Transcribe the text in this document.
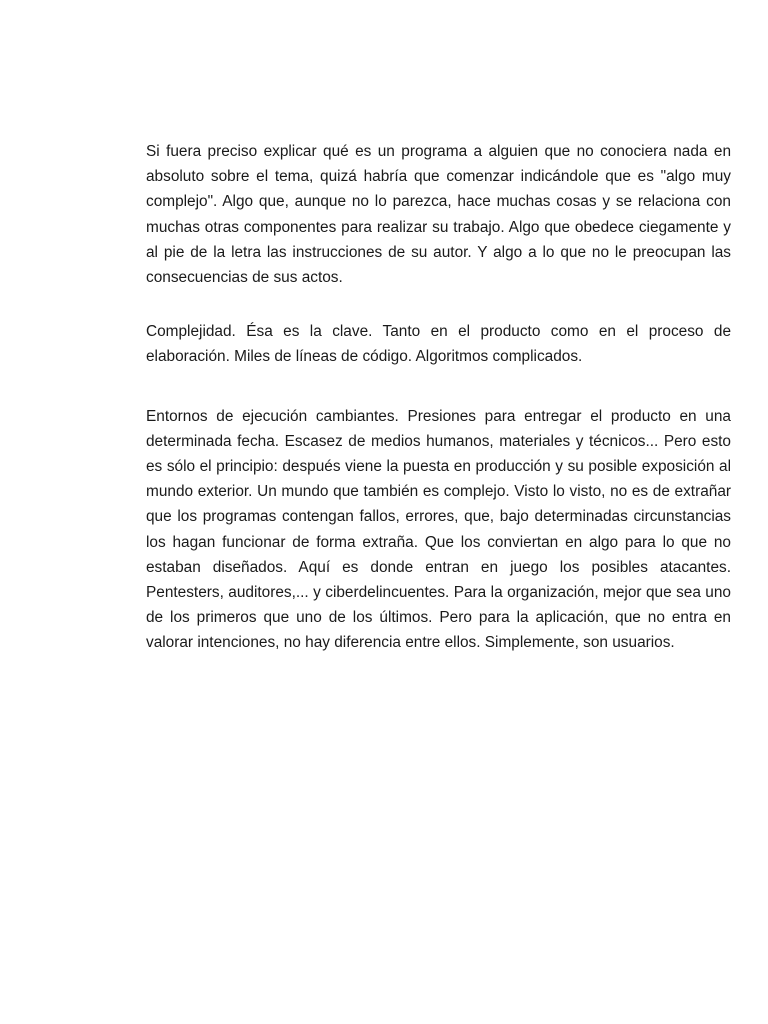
Si fuera preciso explicar qué es un programa a alguien que no conociera nada en absoluto sobre el tema, quizá habría que comenzar indicándole que es "algo muy complejo". Algo que, aunque no lo parezca, hace muchas cosas y se relaciona con muchas otras componentes para realizar su trabajo. Algo que obedece ciegamente y al pie de la letra las instrucciones de su autor. Y algo a lo que no le preocupan las consecuencias de sus actos.

Complejidad. Ésa es la clave. Tanto en el producto como en el proceso de elaboración. Miles de líneas de código. Algoritmos complicados.

Entornos de ejecución cambiantes. Presiones para entregar el producto en una determinada fecha. Escasez de medios humanos, materiales y técnicos... Pero esto es sólo el principio: después viene la puesta en producción y su posible exposición al mundo exterior. Un mundo que también es complejo. Visto lo visto, no es de extrañar que los programas contengan fallos, errores, que, bajo determinadas circunstancias los hagan funcionar de forma extraña. Que los conviertan en algo para lo que no estaban diseñados. Aquí es donde entran en juego los posibles atacantes. Pentesters, auditores,... y ciberdelincuentes. Para la organización, mejor que sea uno de los primeros que uno de los últimos. Pero para la aplicación, que no entra en valorar intenciones, no hay diferencia entre ellos. Simplemente, son usuarios.
